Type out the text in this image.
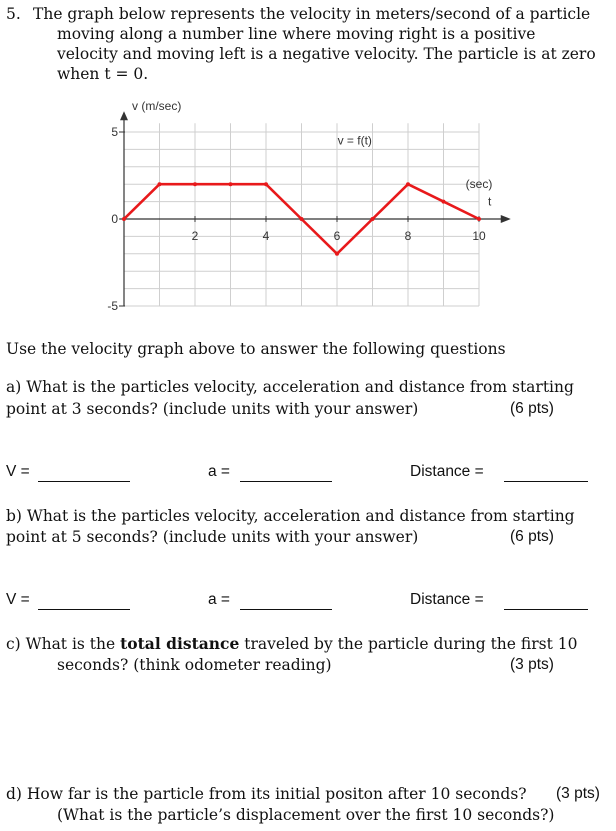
5. The graph below represents the velocity in meters/second of a particle
moving along a number line where moving right is a positive
velocity and moving left is a negative velocity. The particle is at zero
when t = 0.
5
0
-5
2	4	6	8	10
v (m/sec)
v = f(t)
(sec)
t
Use the velocity graph above to answer the following questions
a) What is the particles velocity, acceleration and distance from starting
point at 3 seconds? (include units with your answer)	(6 pts)
V =	a =	Distance =
b) What is the particles velocity, acceleration and distance from starting
point at 5 seconds? (include units with your answer)	(6 pts)
V =	a =	Distance =
c) What is the total distance traveled by the particle during the first 10
seconds? (think odometer reading)	(3 pts)
d) How far is the particle from its initial positon after 10 seconds? (3 pts)
(What is the particle’s displacement over the first 10 seconds?)
